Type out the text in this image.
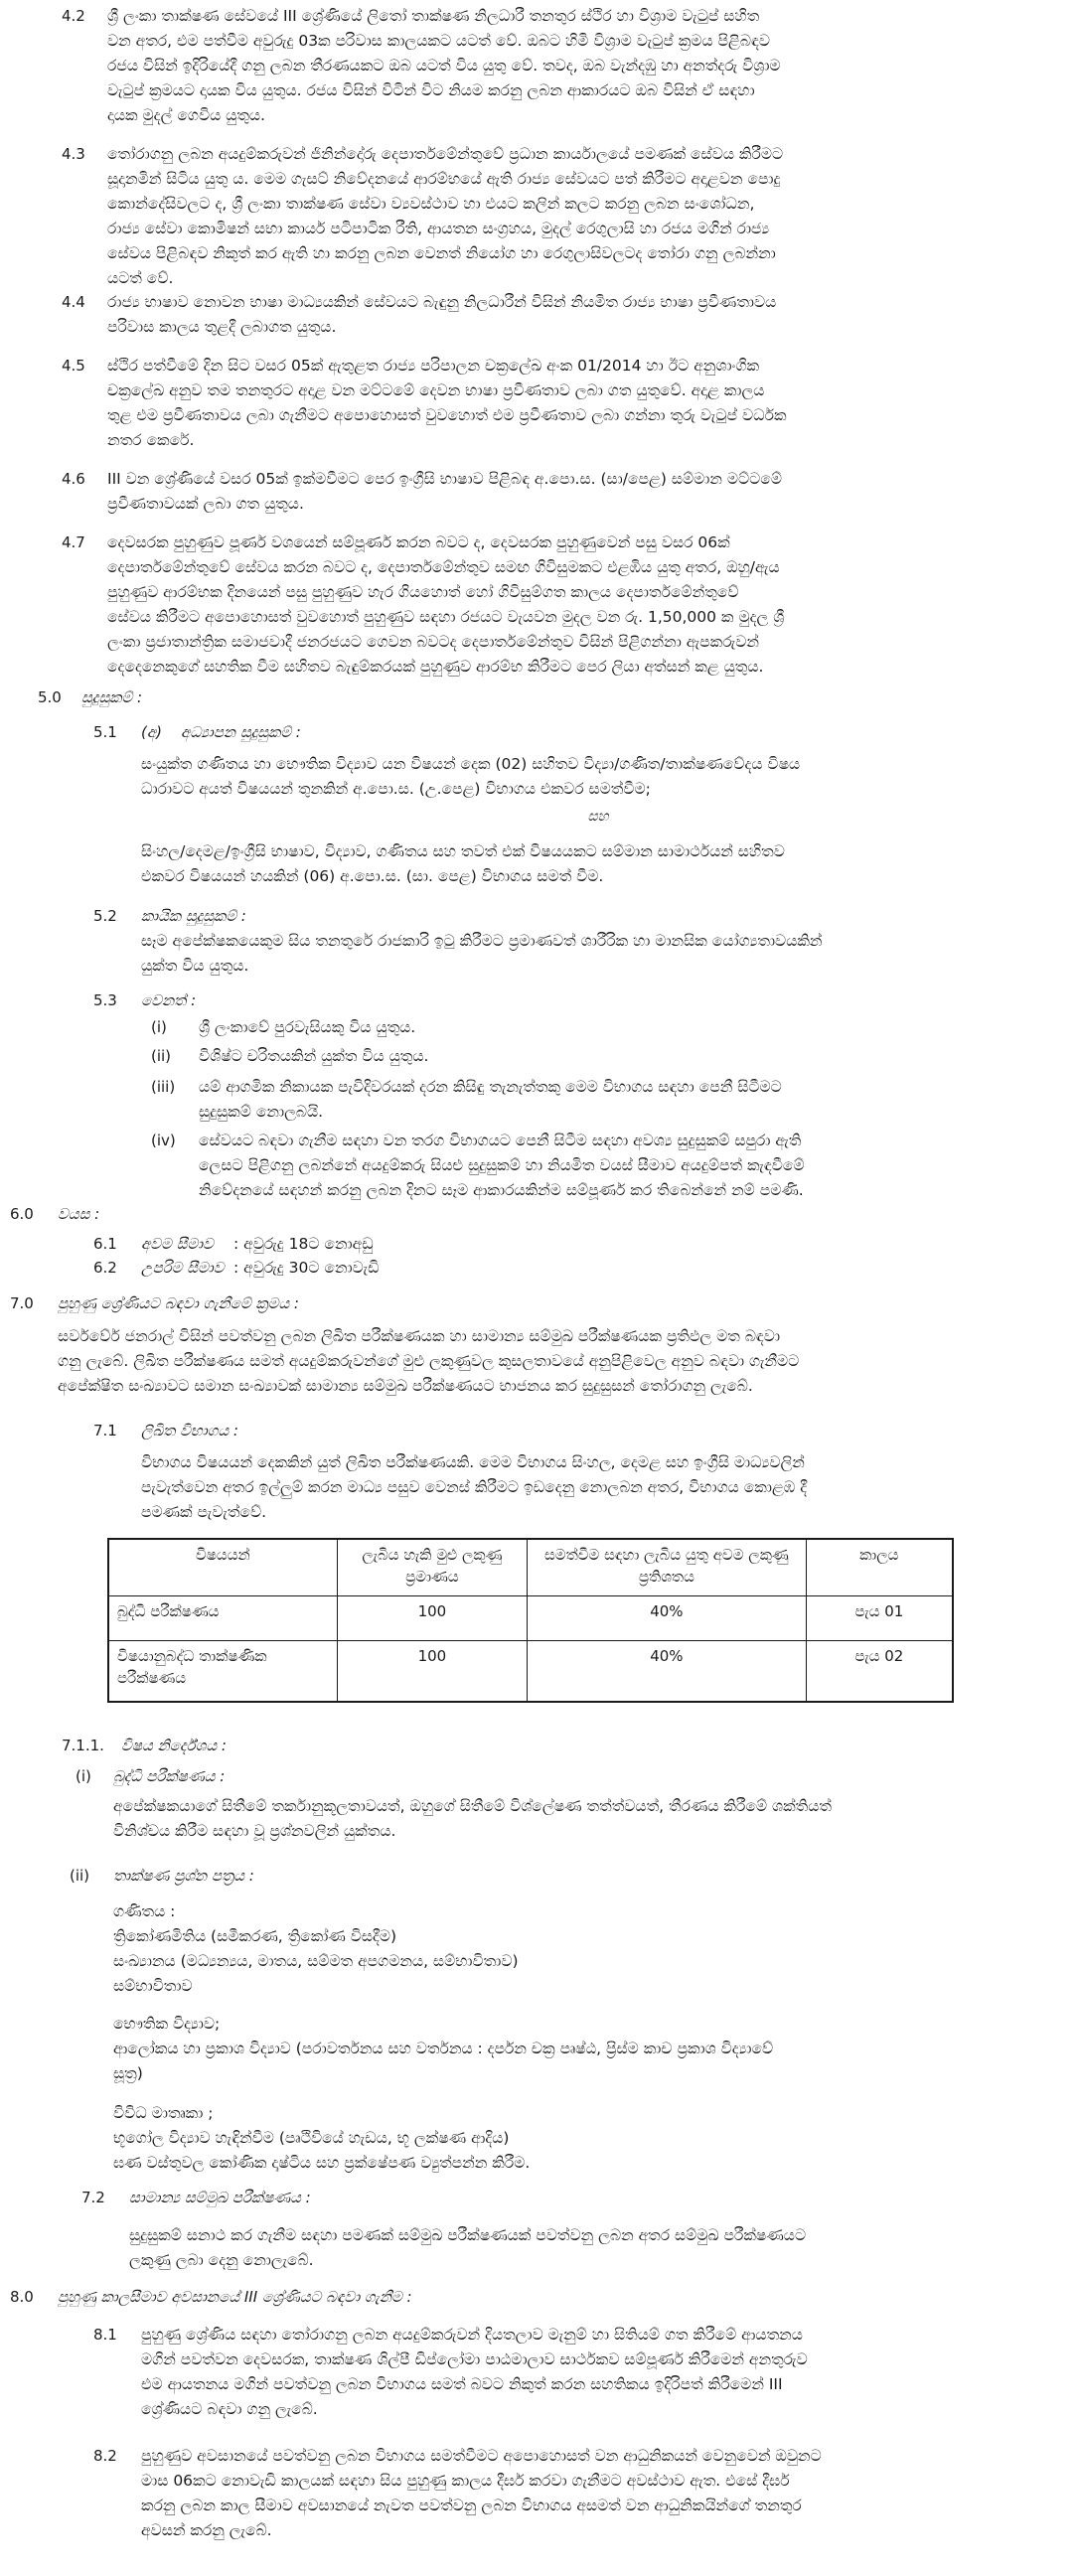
4.2 ශ්‍රී ලංකා තාක්ෂණ සේවයේ III ශ්‍රේණියේ ලිතෝ තාක්ෂණ නිලධාරී තනතුර ස්ථිර හා විශ්‍රාම වැටුප් සහිත
වන අතර, එම පත්වීම අවුරුදු 03ක පරිවාස කාලයකට යටත් වේ. ඔබට හිමි විශ්‍රාම වැටුප් ක්‍රමය පිළිබඳව
රජය විසින් ඉදිරියේදී ගනු ලබන තීරණයකට ඔබ යටත් විය යුතු වේ. තවද, ඔබ වැන්දඹු හා අනත්දරු විශ්‍රාම
වැටුප් ක්‍රමයට දායක විය යුතුය. රජය විසින් විටින් විට නියම කරනු ලබන ආකාරයට ඔබ විසින් ඒ සඳහා
දායක මුදල් ගෙවිය යුතුය.
4.3 තෝරාගනු ලබන අයදුම්කරුවන් ජිනින්දෝරු දෙපාර්තමේන්තුවේ ප්‍රධාන කාර්යාලයේ පමණක් සේවය කිරීමට
සූදානමින් සිටිය යුතු ය. මෙම ගැසට් නිවේදනයේ ආරම්භයේ ඇති රාජ්‍ය සේවයට පත් කිරීමට අදාළවන පොදු
කොන්දේසිවලට ද, ශ්‍රී ලංකා තාක්ෂණ සේවා ව්‍යවස්ථාව හා එයට කලින් කලට කරනු ලබන සංශෝධන,
රාජ්‍ය සේවා කොමිෂන් සභා කාර්ය පටිපාටික රීති, ආයතන සංග්‍රහය, මුදල් රෙගුලාසි හා රජය මගින් රාජ්‍ය
සේවය පිළිබඳව නිකුත් කර ඇති හා කරනු ලබන වෙනත් නියෝග හා රෙගුලාසිවලටද තෝරා ගනු ලබන්නා
යටත් වේ.
4.4 රාජ්‍ය භාෂාව නොවන භාෂා මාධ්‍යයකින් සේවයට බැඳුනු නිලධාරීන් විසින් නියමිත රාජ්‍ය භාෂා ප්‍රවීණතාවය
පරිවාස කාලය තුළදී ලබාගත යුතුය.
4.5 ස්ථිර පත්වීමේ දින සිට වසර 05ක් ඇතුළත රාජ්‍ය පරිපාලන චක්‍රලේඛ අංක 01/2014 හා ඊට අනුශාංගික
චක්‍රලේඛ අනුව තම තනතුරට අදාළ වන මට්ටමේ දෙවන භාෂා ප්‍රවීණතාව ලබා ගත යුතුවේ. අදාළ කාලය
තුළ එම ප්‍රවීණතාවය ලබා ගැනීමට අපොහොසත් වුවහොත් එම ප්‍රවීණතාව ලබා ගන්නා තුරු වැටුප් වර්ධක
නතර කෙරේ.
4.6 III වන ශ්‍රේණියේ වසර 05ක් ඉක්මවීමට පෙර ඉංග්‍රීසි භාෂාව පිළිබඳ අ.පො.ස. (සා/පෙළ) සම්මාන මට්ටමේ
ප්‍රවීණතාවයක් ලබා ගත යුතුය.
4.7 දෙවසරක පුහුණුව පූර්ණ වශයෙන් සම්පූර්ණ කරන බවට ද, දෙවසරක පුහුණුවෙන් පසු වසර 06ක්
දෙපාර්තමේන්තුවේ සේවය කරන බවට ද, දෙපාර්තමේන්තුව සමඟ ගිවිසුමකට එළඹිය යුතු අතර, ඔහු/ඇය
පුහුණුව ආරම්භක දිනයෙන් පසු පුහුණුව හැර ගියහොත් හෝ ගිවිසුම්ගත කාලය දෙපාර්තමේන්තුවේ
සේවය කිරීමට අපොහොසත් වුවහොත් පුහුණුව සඳහා රජයට වැයවන මුදල වන රු. 1,50,000 ක මුදල ශ්‍රී
ලංකා ප්‍රජාතාන්ත්‍රික සමාජවාදී ජනරජයට ගෙවන බවටද දෙපාර්තමේන්තුව විසින් පිළිගන්නා ඇපකරුවන්
දෙදෙනෙකුගේ සහතික වීම සහිතව බැඳුම්කරයක් පුහුණුව ආරම්භ කිරීමට පෙර ලියා අත්සන් කළ යුතුය.
5.0 සුදුසුකම් :
5.1 (අ) අධ්‍යාපන සුදුසුකම් :
සංයුක්ත ගණිතය හා භෞතික විද්‍යාව යන විෂයන් දෙක (02) සහිතව විද්‍යා/ගණිත/තාක්ෂණවේදය විෂය
ධාරාවට අයත් විෂයයන් තුනකින් අ.පො.ස. (උ.පෙළ) විභාගය එකවර සමත්වීම;
සහ
සිංහල/දෙමළ/ඉංග්‍රීසි භාෂාව, විද්‍යාව, ගණිතය සහ තවත් එක් විෂයයකට සම්මාන සාමාර්ථයන් සහිතව
එකවර විෂයයන් හයකින් (06) අ.පො.ස. (සා. පෙළ) විභාගය සමත් වීම.
5.2 කායික සුදුසුකම් :
සෑම අපේක්ෂකයෙකුම සිය තනතුරේ රාජකාරි ඉටු කිරීමට ප්‍රමාණවත් ශාරීරික හා මානසික යෝග්‍යතාවයකින්
යුක්ත විය යුතුය.
5.3 වෙනත් :
(i) ශ්‍රී ලංකාවේ පුරවැසියකු විය යුතුය.
(ii) විශිෂ්ට චරිතයකින් යුක්ත විය යුතුය.
(iii) යම් ආගමික නිකායක පැවිදිවරයක් දරන කිසිඳු තැනැත්තකු මෙම විභාගය සඳහා පෙනී සිටීමට
සුදුසුකම් නොලබයි.
(iv) සේවයට බඳවා ගැනීම සඳහා වන තරග විභාගයට පෙනී සිටීම සඳහා අවශ්‍ය සුදුසුකම් සපුරා ඇති
ලෙසට පිළිගනු ලබන්නේ අයදුම්කරු සියළු සුදුසුකම් හා නියමිත වයස් සීමාව අයදුම්පත් කැඳවීමේ
නිවේදනයේ සඳහන් කරනු ලබන දිනට සෑම ආකාරයකින්ම සම්පූර්ණ කර තිබෙන්නේ නම් පමණි.
6.0 වයස :
6.1 අවම සීමාව : අවුරුදු 18ට නොඅඩු
6.2 උපරිම සීමාව : අවුරුදු 30ට නොවැඩි
7.0 පුහුණු ශ්‍රේණියට බඳවා ගැනීමේ ක්‍රමය :
සර්වවේර් ජනරාල් විසින් පවත්වනු ලබන ලිඛිත පරීක්ෂණයක හා සාමාන්‍ය සම්මුඛ පරීක්ෂණයක ප්‍රතිඵල මත බඳවා
ගනු ලැබේ. ලිඛිත පරීක්ෂණය සමත් අයදුම්කරුවන්ගේ මුළු ලකුණුවල කුසලතාවයේ අනුපිළිවෙල අනුව බඳවා ගැනීමට
අපේක්ෂිත සංඛ්‍යාවට සමාන සංඛ්‍යාවක් සාමාන්‍ය සම්මුඛ පරීක්ෂණයට භාජනය කර සුදුසුසන් තෝරාගනු ලැබේ.
7.1 ලිඛිත විභාගය :
විභාගය විෂයයන් දෙකකින් යුත් ලිඛිත පරීක්ෂණයකි. මෙම විභාගය සිංහල, දෙමළ සහ ඉංග්‍රීසි මාධ්‍යවලින්
පැවැත්වෙන අතර ඉල්ලුම් කරන මාධ්‍ය පසුව වෙනස් කිරීමට ඉඩදෙනු නොලබන අතර, විභාගය කොළඹ දී
පමණක් පැවැත්වේ.
විෂයයන්	ලැබිය හැකි මුළු ලකුණු ප්‍රමාණය	සමත්වීම සඳහා ලැබිය යුතු අවම ලකුණු ප්‍රතිශතය	කාලය
බුද්ධි පරීක්ෂණය	100	40%	පැය 01
විෂයානුබද්ධ තාක්ෂණික පරීක්ෂණය	100	40%	පැය 02
7.1.1. විෂය නිර්දේශය :
(i) බුද්ධි පරීක්ෂණය :
අපේක්ෂකයාගේ සිතීමේ තර්කානුකූලතාවයත්, ඔහුගේ සිතීමේ විශ්ලේෂණ තත්ත්වයත්, තීරණය කිරීමේ ශක්තියත්
විනිශ්චය කිරීම සඳහා වූ ප්‍රශ්නවලින් යුක්තය.
(ii) තාක්ෂණ ප්‍රශ්න පත්‍රය :
ගණිතය :
ත්‍රිකෝණමිතිය (සමීකරණ, ත්‍රිකෝණ විසදීම)
සංඛ්‍යානය (මධ්‍යන්‍යය, මාතය, සම්මත අපගමනය, සම්භාවිතාව)
සම්භාවිතාව
භෞතික විද්‍යාව;
ආලෝකය හා ප්‍රකාශ විද්‍යාව (පරාවර්තනය සහ වර්තනය : දර්පන චක්‍ර පෘෂ්ඨ, ප්‍රිස්ම කාච ප්‍රකාශ විද්‍යාවේ
සූත්‍ර)
විවිධ මාතෘකා ;
භූගෝල විද්‍යාව හැඳින්වීම (පෘථිවියේ හැඩය, භූ ලක්ෂණ ආදිය)
ඝණ වස්තුවල කෝණික දෘෂ්ටිය සහ ප්‍රක්ෂේපණ ව්‍යුත්පන්න කිරීම.
7.2 සාමාන්‍ය සම්මුඛ පරීක්ෂණය :
සුදුසුකම් සනාථ කර ගැනීම සඳහා පමණක් සම්මුඛ පරීක්ෂණයක් පවත්වනු ලබන අතර සම්මුඛ පරීක්ෂණයට
ලකුණු ලබා දෙනු නොලැබේ.
8.0 පුහුණු කාලසීමාව අවසානයේ III ශ්‍රේණියට බඳවා ගැනීම :
8.1 පුහුණු ශ්‍රේණිය සඳහා තෝරාගනු ලබන අයදුම්කරුවන් දියතලාව මැනුම් හා සිතියම් ගත කිරීමේ ආයතනය
මගින් පවත්වන දෙවසරක, තාක්ෂණ ශිල්පී ඩිප්ලෝමා පාඨමාලාව සාර්ථකව සම්පූර්ණ කිරීමෙන් අනතුරුව
එම ආයතනය මගින් පවත්වනු ලබන විභාගය සමත් බවට නිකුත් කරන සහතිකය ඉදිරිපත් කිරීමෙන් III
ශ්‍රේණියට බඳවා ගනු ලැබේ.
8.2 පුහුණුව අවසානයේ පවත්වනු ලබන විභාගය සමත්වීමට අපොහොසත් වන ආධුනිකයන් වෙනුවෙන් ඔවුනට
මාස 06කට නොවැඩි කාලයක් සඳහා සිය පුහුණු කාලය දීර්ඝ කරවා ගැනීමට අවස්ථාව ඇත. එසේ දීර්ඝ
කරනු ලබන කාල සීමාව අවසානයේ නැවත පවත්වනු ලබන විභාගය අසමත් වන ආධුනිකයින්ගේ තනතුර
අවසන් කරනු ලැබේ.
